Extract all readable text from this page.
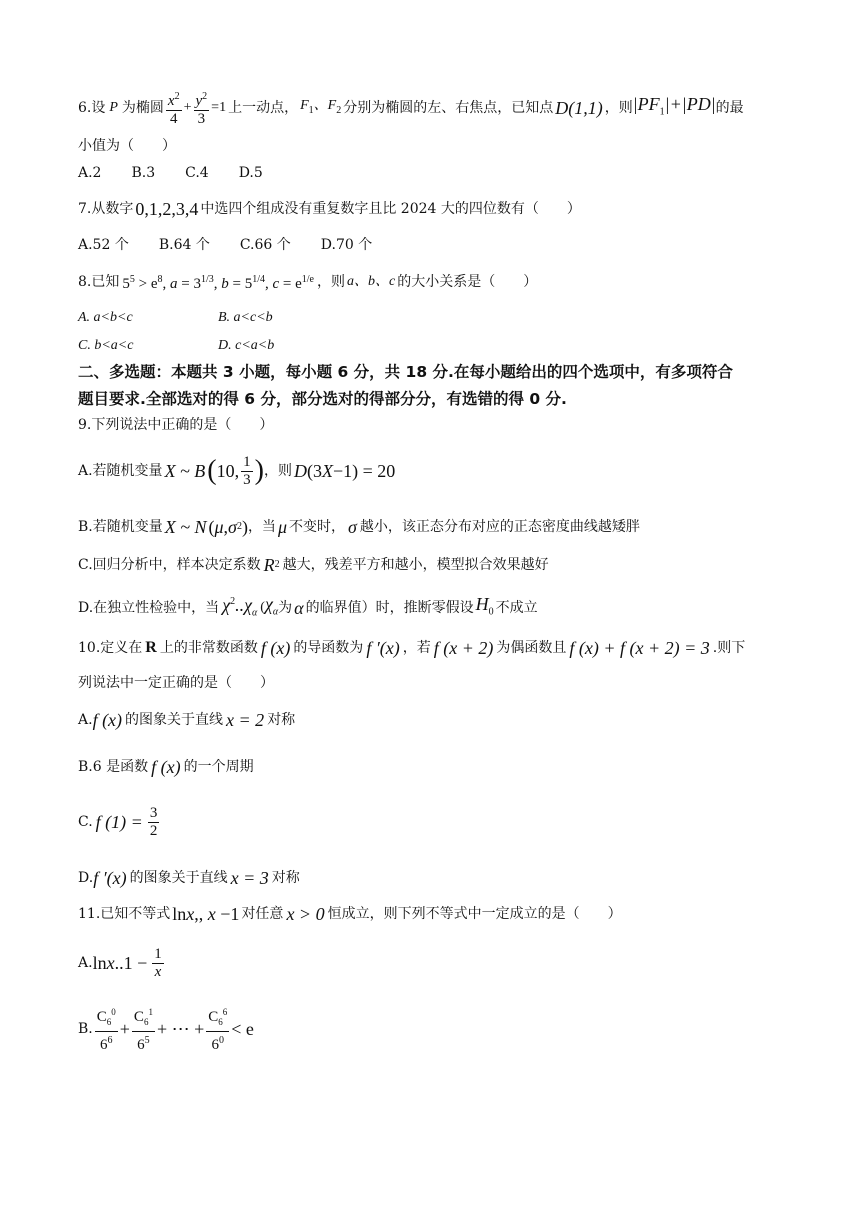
6.设 P 为椭圆 $\frac{x^2}{4} + \frac{y^2}{3} =1$ 上一动点， $F_1$、$F_2$ 分别为椭圆的左、右焦点，已知点 D(1,1) ，则 $|PF_1|+|PD|$ 的最
小值为（　　）
A.2 B.3 C.4 D.5
7.从数字 0,1,2,3,4 中选四个组成没有重复数字且比 2024 大的四位数有（　　）
A.52 个 B.64 个 C.66 个 D.70 个
8.已知 $5^5 > e^8$, $a = 3^{1/3}$, $b = 5^{1/4}$, $c = e^{1/e}$ ，则 a、b、c 的大小关系是（　　）
A. a<b<c	B. a<c<b
C. b<a<c	D. c<a<b
二、多选题：本题共 3 小题，每小题 6 分，共 18 分.在每小题给出的四个选项中，有多项符合
题目要求.全部选对的得 6 分，部分选对的得部分分，有选错的得 0 分.
9.下列说法中正确的是（　　）
A.若随机变量 X ~ B ( 10, $\frac{1}{3}$ ) ，则 D (3 X −1) = 20
B.若随机变量 X ~ N ( μ , σ 2 ) ，当 μ 不变时， σ 越小，该正态分布对应的正态密度曲线越矮胖
C.回归分析中，样本决定系数 R 2 越大，残差平方和越小，模型拟合效果越好
D.在独立性检验中，当 $\chi^2..\chi_\alpha$ ( $\chi_\alpha$ 为 α 的临界值）时，推断零假设 $H_0$ 不成立
10.定义在 R 上的非常数函数 f (x) 的导函数为 f ′(x) ，若 f (x + 2) 为偶函数且 f (x) + f (x + 2) = 3 .则下
列说法中一定正确的是（　　）
A. f (x) 的图象关于直线 x = 2 对称
B.6 是函数 f (x) 的一个周期
C. f $(1) = \frac{3}{2}$
D. f ′(x) 的图象关于直线 x = 3 对称
11.已知不等式 lnx,, x −1 对任意 x > 0 恒成立，则下列不等式中一定成立的是（　　）
A. $\ln x..1 - \frac{1}{x}$
B. $\frac{C_6^0}{6^6} + \frac{C_6^1}{6^5}$ + ⋯ + $\frac{C_6^6}{6^0} < e$
